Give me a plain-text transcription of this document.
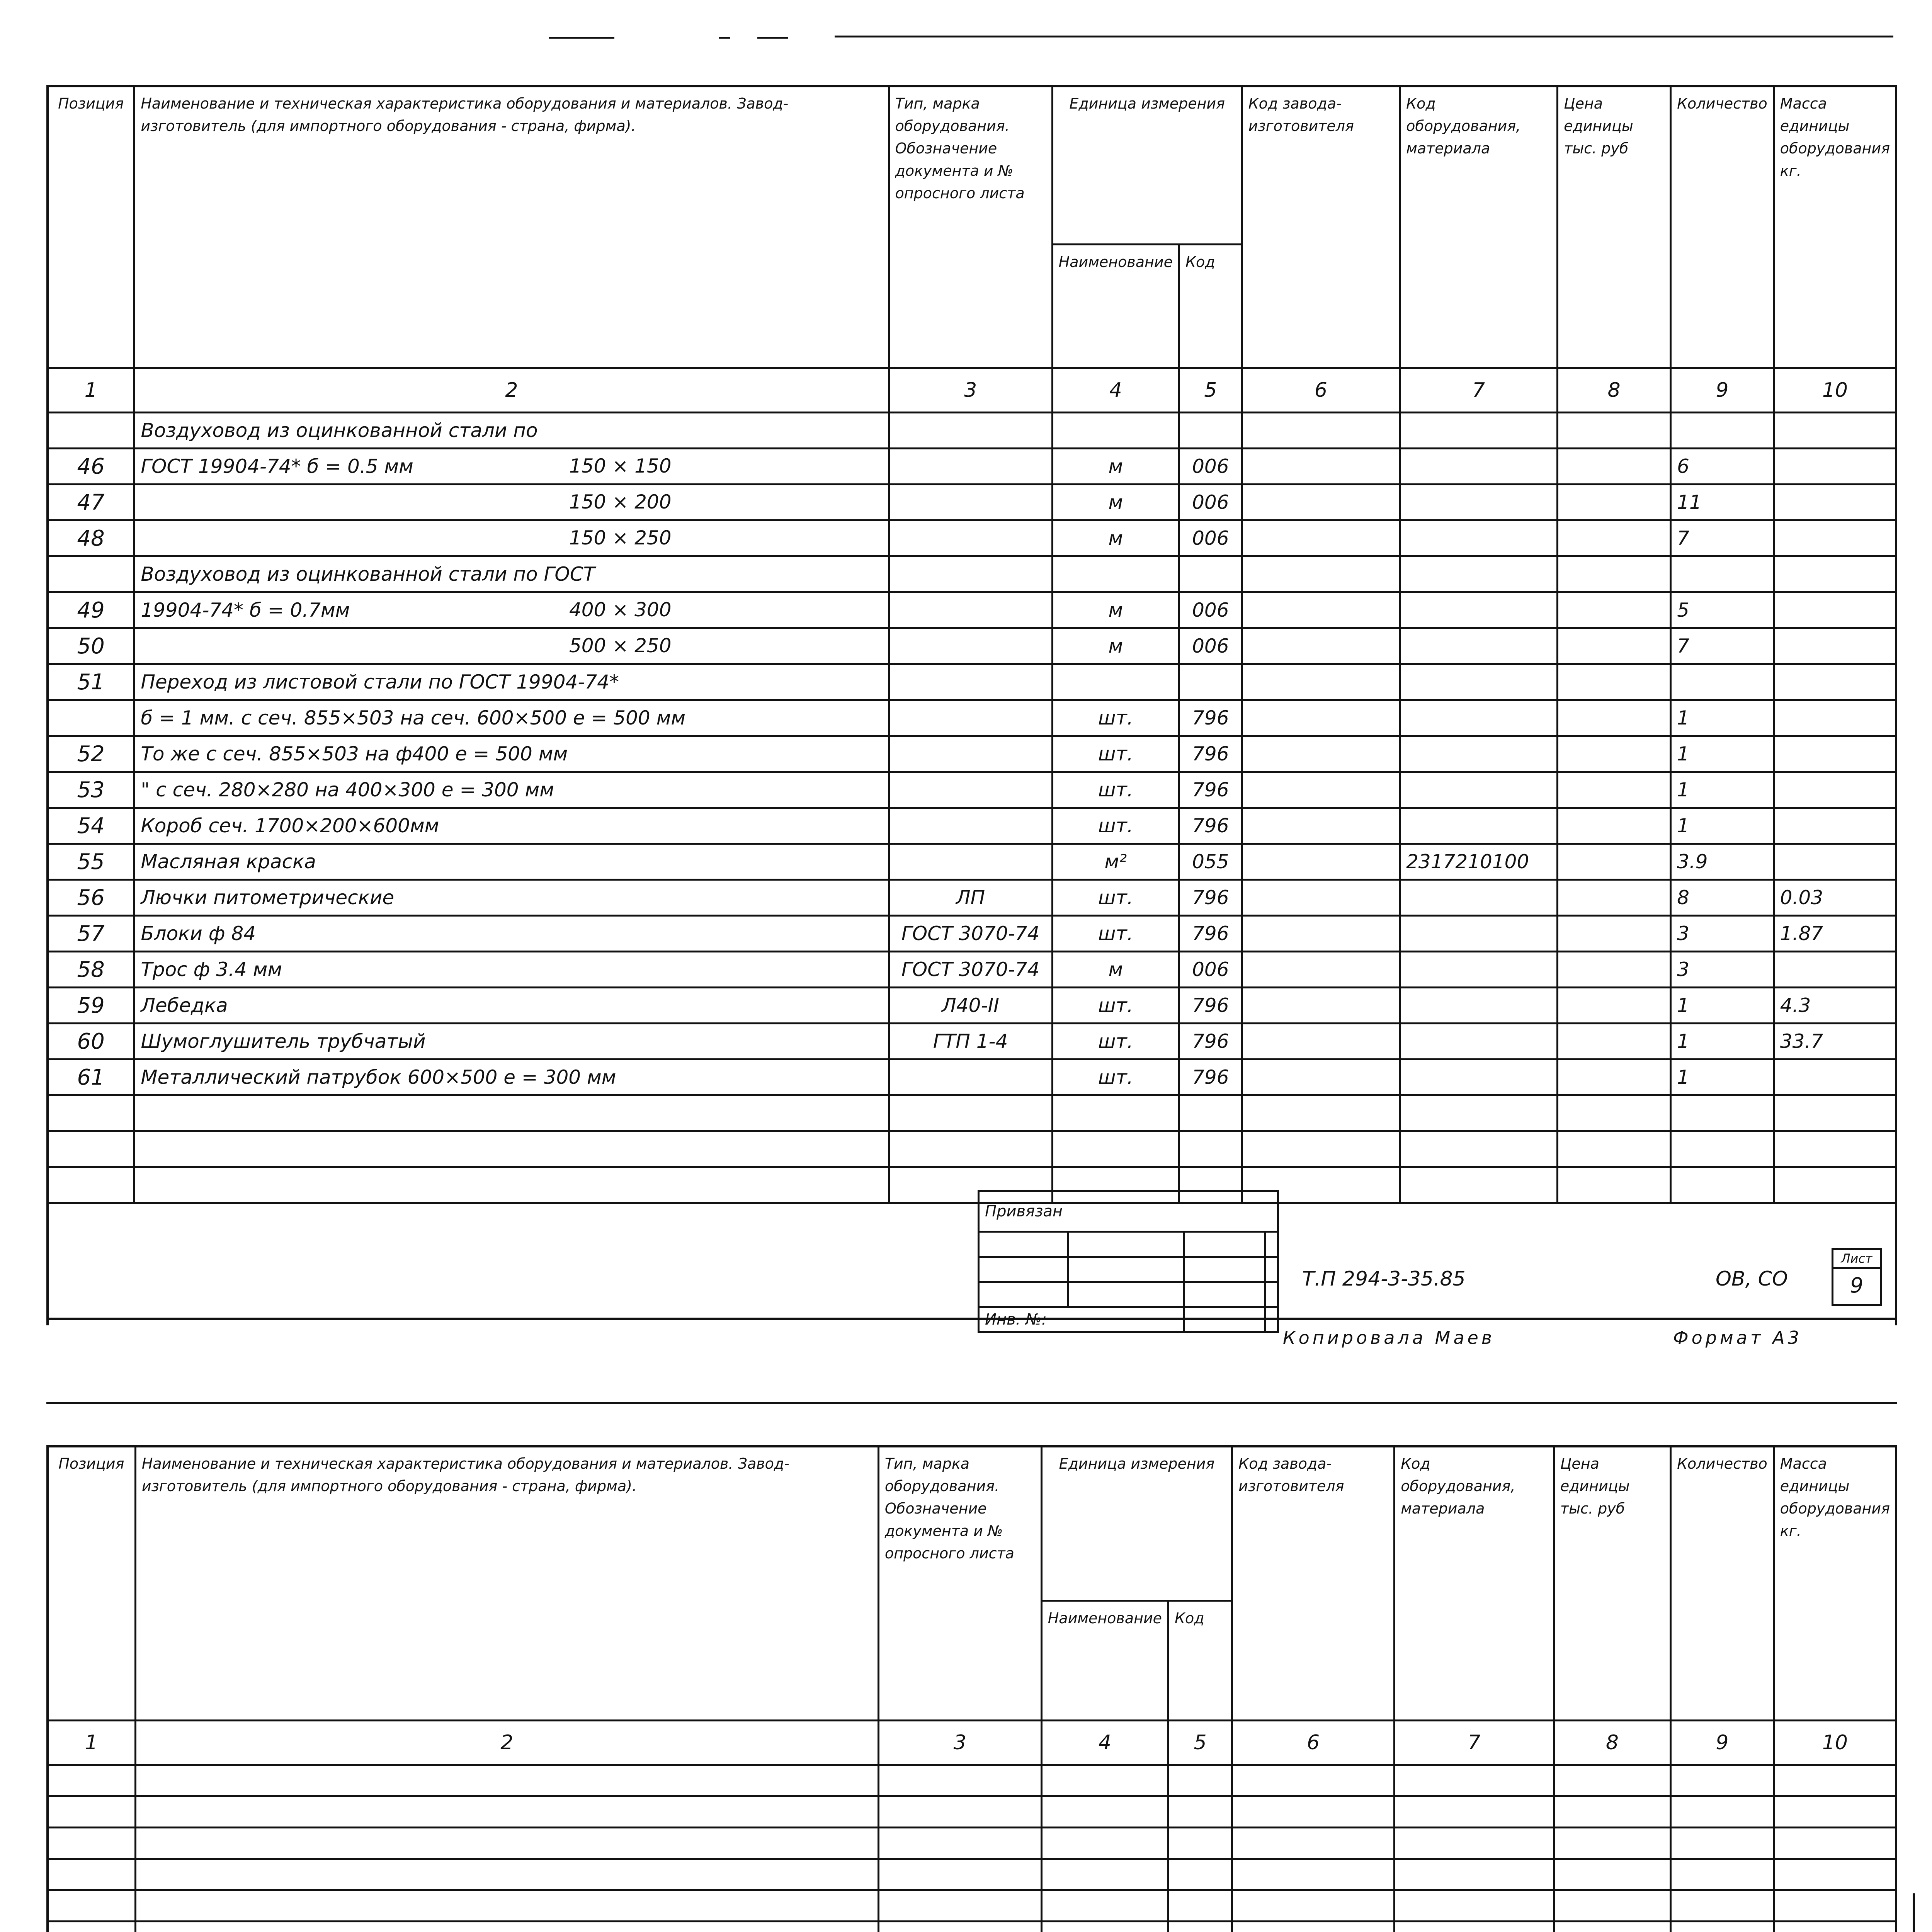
Позиция	Наименование и техническая характеристика оборудования и материалов. Завод-изготовитель (для импортного оборудования - страна, фирма).	Тип, марка оборудования. Обозначение документа и № опросного листа	Единица измерения		Код завода-изготовителя	Код оборудования, материала	Цена единицы тыс. руб	Количество	Масса единицы оборудования кг.
			Наименование	Код					
1	2	3	4	5	6	7	8	9	10
	Воздуховод из оцинкованной стали по

46	ГОСТ 19904-74* б = 0.5 мм 150 × 150		м	006				6	
47	150 × 200		м	006				11	
48	150 × 250		м	006				7	
	Воздуховод из оцинкованной стали по ГОСТ

49	19904-74* б = 0.7мм 400 × 300		м	006				5	
50	500 × 250		м	006				7	
51	Переход из листовой стали по ГОСТ 19904-74*

	б = 1 мм. с сеч. 855×503 на сеч. 600×500 е = 500 мм		шт.	796				1	
52	То же с сеч. 855×503 на ф400 е = 500 мм		шт.	796				1	
53	" с сеч. 280×280 на 400×300 е = 300 мм		шт.	796				1	
54	Короб сеч. 1700×200×600мм		шт.	796				1	
55	Масляная краска		м²	055		2317210100		3.9	
56	Лючки питометрические	ЛП	шт.	796				8	0.03
57	Блоки ф 84	ГОСТ 3070-74	шт.	796				3	1.87
58	Трос ф 3.4 мм	ГОСТ 3070-74	м	006				3	
59	Лебедка	Л40-II	шт.	796				1	4.3
60	Шумоглушитель трубчатый	ГТП 1-4	шт.	796				1	33.7
61	Металлический патрубок 600×500 е = 300 мм		шт.	796				1	

Привязан			

Т.П 294-3-35.85	ОВ, СО
Лист
9
Копировала Маев	Формат А3
Позиция	Наименование и техническая характеристика оборудования и материалов. Завод-изготовитель (для импортного оборудования - страна, фирма).	Тип, марка оборудования. Обозначение документа и № опросного листа	Единица измерения		Код завода-изготовителя	Код оборудования, материала	Цена единицы тыс. руб	Количество	Масса единицы оборудования кг.
			Наименование	Код					
1	2	3	4	5	6	7	8	9	10
